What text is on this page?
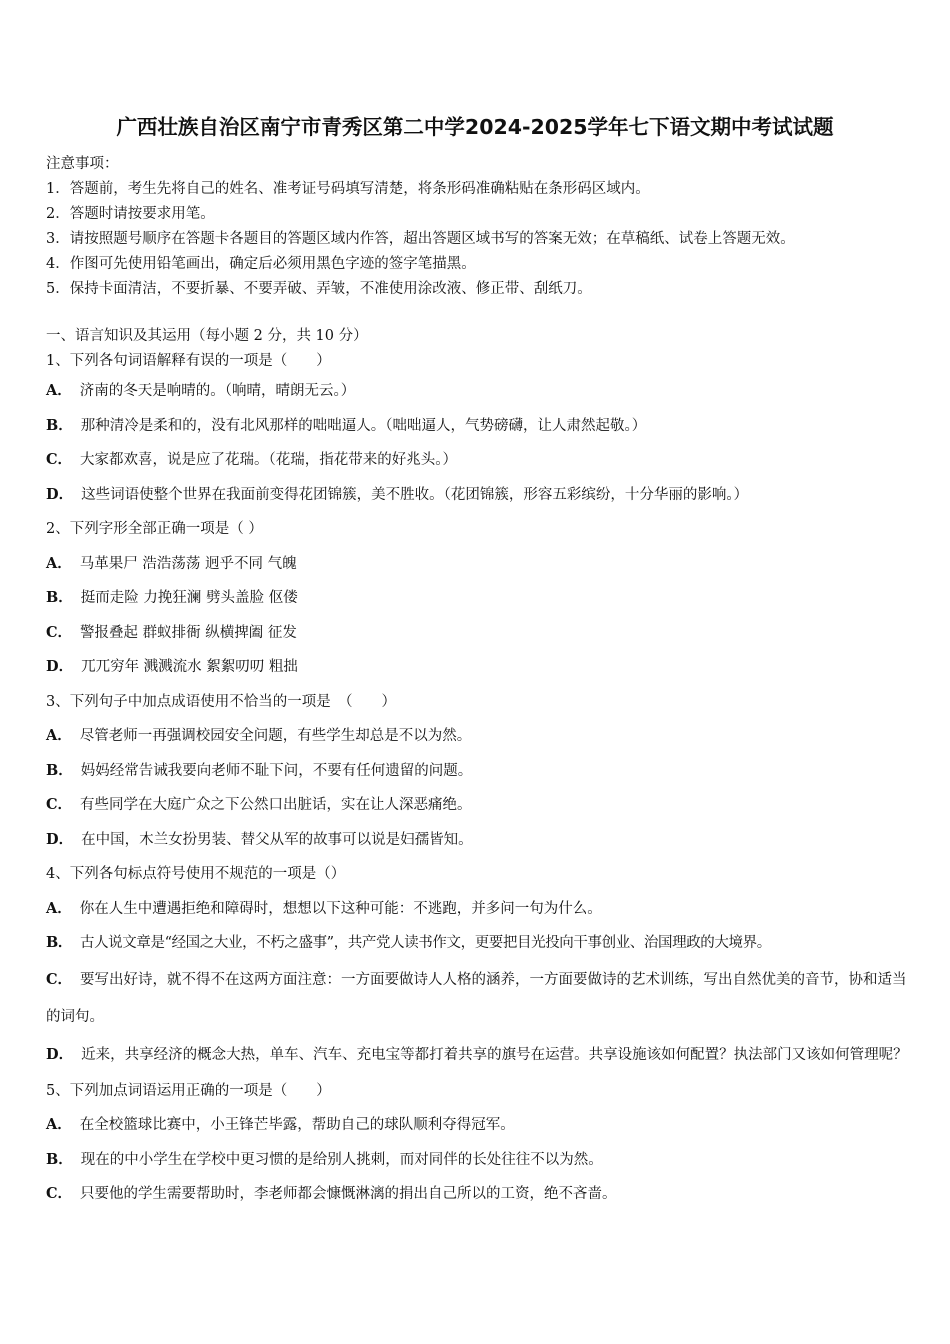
广西壮族自治区南宁市青秀区第二中学2024-2025学年七下语文期中考试试题
注意事项：
1．答题前，考生先将自己的姓名、准考证号码填写清楚，将条形码准确粘贴在条形码区域内。
2．答题时请按要求用笔。
3．请按照题号顺序在答题卡各题目的答题区域内作答，超出答题区域书写的答案无效；在草稿纸、试卷上答题无效。
4．作图可先使用铅笔画出，确定后必须用黑色字迹的签字笔描黑。
5．保持卡面清洁，不要折暴、不要弄破、弄皱，不准使用涂改液、修正带、刮纸刀。
一、语言知识及其运用（每小题 2 分，共 10 分）
1、下列各句词语解释有误的一项是（　　）
A． 济南的冬天是响晴的。（响晴，晴朗无云。）
B． 那种清冷是柔和的，没有北风那样的咄咄逼人。（咄咄逼人，气势磅礴，让人肃然起敬。）
C． 大家都欢喜，说是应了花瑞。（花瑞，指花带来的好兆头。）
D． 这些词语使整个世界在我面前变得花团锦簇，美不胜收。（花团锦簇，形容五彩缤纷，十分华丽的影响。）
2、下列字形全部正确一项是（ ）
A． 马革果尸 浩浩荡荡 迥乎不同 气魄
B． 挺而走险 力挽狂澜 劈头盖脸 伛偻
C． 警报叠起 群蚁排衙 纵横捭阖 征发
D． 兀兀穷年 溅溅流水 絮絮叨叨 粗拙
3、下列句子中加点成语使用不恰当的一项是　（　　）
A． 尽管老师一再强调校园安全问题，有些学生却总是不以为然。
B． 妈妈经常告诫我要向老师不耻下问，不要有任何遗留的问题。
C． 有些同学在大庭广众之下公然口出脏话，实在让人深恶痛绝。
D． 在中国，木兰女扮男装、替父从军的故事可以说是妇孺皆知。
4、下列各句标点符号使用不规范的一项是（）
A． 你在人生中遭遇拒绝和障碍时，想想以下这种可能：不逃跑，并多问一句为什么。
B． 古人说文章是“经国之大业，不朽之盛事”，共产党人读书作文，更要把目光投向干事创业、治国理政的大境界。
C． 要写出好诗，就不得不在这两方面注意：一方面要做诗人人格的涵养，一方面要做诗的艺术训练，写出自然优美的音节，协和适当的词句。
D． 近来，共享经济的概念大热，单车、汽车、充电宝等都打着共享的旗号在运营。共享设施该如何配置？执法部门又该如何管理呢？
5、下列加点词语运用正确的一项是（　　）
A． 在全校篮球比赛中，小王锋芒毕露，帮助自己的球队顺利夺得冠军。
B． 现在的中小学生在学校中更习惯的是给别人挑刺，而对同伴的长处往往不以为然。
C． 只要他的学生需要帮助时，李老师都会慷慨淋漓的捐出自己所以的工资，绝不吝啬。
